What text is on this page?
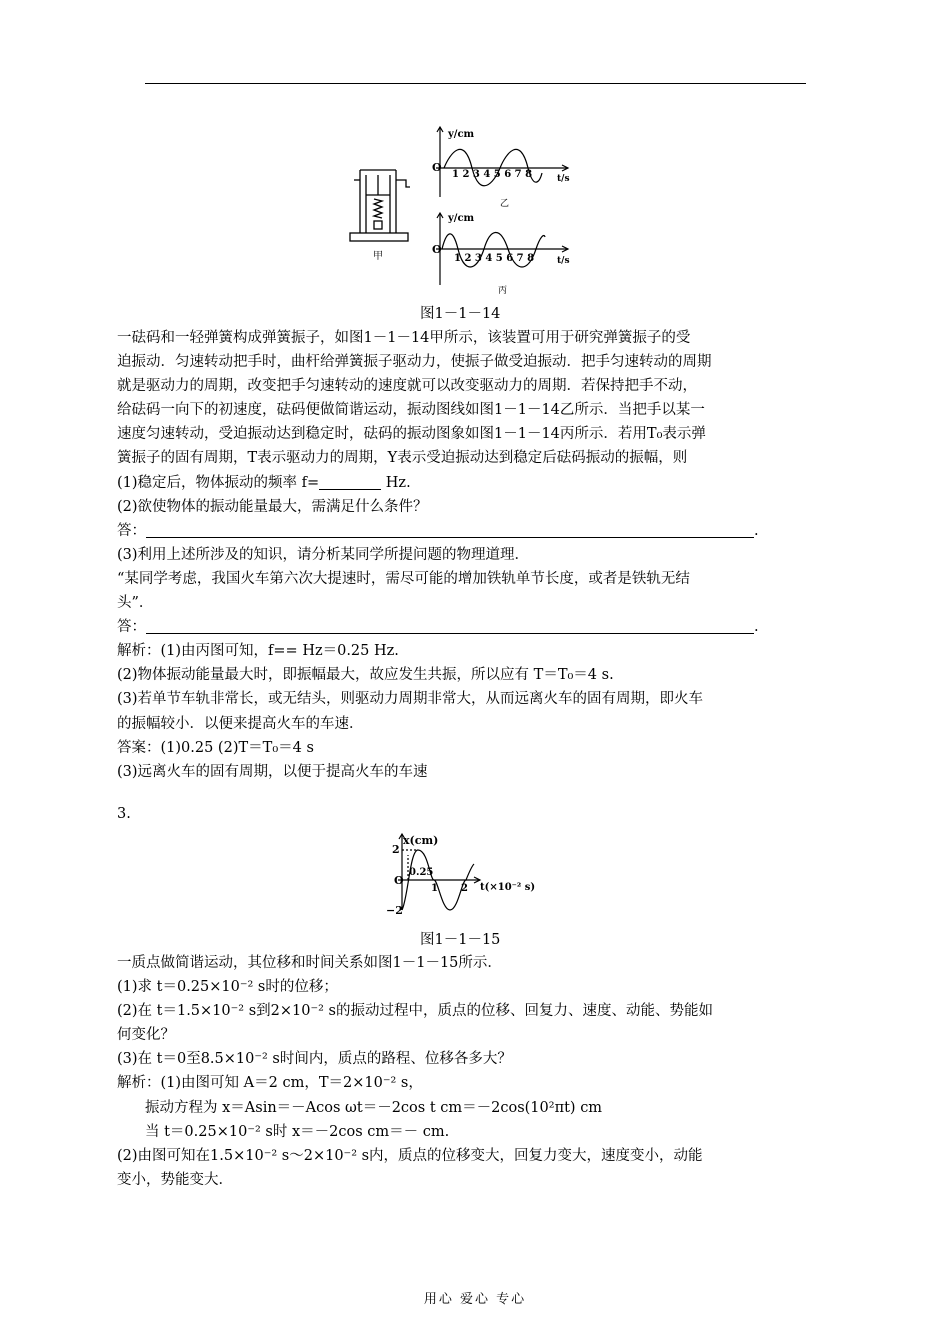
甲
y/cm
O
1 2 3 4 5 6 7 8	t/s
乙
y/cm
O
1 2 3 4 5 6 7 8	t/s
丙
图1－1－14
一砝码和一轻弹簧构成弹簧振子，如图1－1－14甲所示，该装置可用于研究弹簧振子的受
迫振动．匀速转动把手时，曲杆给弹簧振子驱动力，使振子做受迫振动．把手匀速转动的周期
就是驱动力的周期，改变把手匀速转动的速度就可以改变驱动力的周期．若保持把手不动，
给砝码一向下的初速度，砝码便做简谐运动，振动图线如图1－1－14乙所示．当把手以某一
速度匀速转动，受迫振动达到稳定时，砝码的振动图象如图1－1－14丙所示．若用T₀表示弹
簧振子的固有周期，T表示驱动力的周期，Y表示受迫振动达到稳定后砝码振动的振幅，则
(1)稳定后，物体振动的频率 f=	Hz.
(2)欲使物体的振动能量最大，需满足什么条件？
答：	.
(3)利用上述所涉及的知识，请分析某同学所提问题的物理道理．
“某同学考虑，我国火车第六次大提速时，需尽可能的增加铁轨单节长度，或者是铁轨无结
头”．
答：	.
解析：(1)由丙图可知，f== Hz＝0.25 Hz.
(2)物体振动能量最大时，即振幅最大，故应发生共振，所以应有 T＝T₀＝4 s.
(3)若单节车轨非常长，或无结头，则驱动力周期非常大，从而远离火车的固有周期，即火车
的振幅较小．以便来提高火车的车速．
答案：(1)0.25 (2)T＝T₀＝4 s
(3)远离火车的固有周期，以便于提高火车的车速
3.
x(cm)
2
O
−2
0.25
1 2 t(×10⁻² s)
图1－1－15
一质点做简谐运动，其位移和时间关系如图1－1－15所示．
(1)求 t＝0.25×10⁻² s时的位移；
(2)在 t＝1.5×10⁻² s到2×10⁻² s的振动过程中，质点的位移、回复力、速度、动能、势能如
何变化？
(3)在 t＝0至8.5×10⁻² s时间内，质点的路程、位移各多大？
解析：(1)由图可知 A＝2 cm，T＝2×10⁻² s，
振动方程为 x＝Asin＝－Acos ωt＝－2cos t cm＝－2cos(10²πt) cm
当 t＝0.25×10⁻² s时 x＝－2cos cm＝－ cm.
(2)由图可知在1.5×10⁻² s～2×10⁻² s内，质点的位移变大，回复力变大，速度变小，动能
变小，势能变大．
用心 爱心 专心
